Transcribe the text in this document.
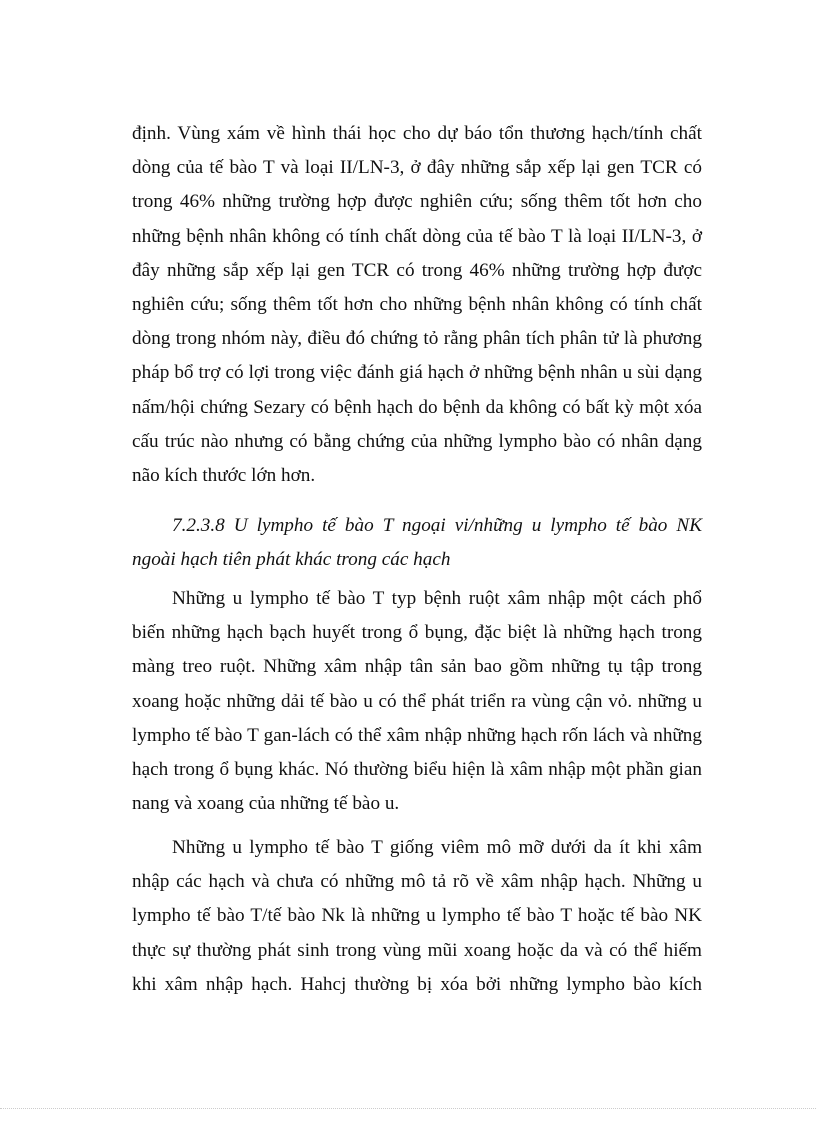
định. Vùng xám về hình thái học cho dự báo tổn thương hạch/tính chất
dòng của tế bào T và loại II/LN-3, ở đây những sắp xếp lại gen TCR có
trong 46% những trường hợp được nghiên cứu; sống thêm tốt hơn cho
những bệnh nhân không có tính chất dòng của tế bào T là loại II/LN-3, ở
đây những sắp xếp lại gen TCR có trong 46% những trường hợp được
nghiên cứu; sống thêm tốt hơn cho những bệnh nhân không có tính chất
dòng trong nhóm này, điều đó chứng tỏ rằng phân tích phân tử là phương
pháp bổ trợ có lợi trong việc đánh giá hạch ở những bệnh nhân u sùi dạng
nấm/hội chứng Sezary có bệnh hạch do bệnh da không có bất kỳ một xóa
cấu trúc nào nhưng có bằng chứng của những lympho bào có nhân dạng
não kích thước lớn hơn.
7.2.3.8 U lympho tế bào T ngoại vi/những u lympho tế bào NK
ngoài hạch tiên phát khác trong các hạch
Những u lympho tế bào T typ bệnh ruột xâm nhập một cách phổ
biến những hạch bạch huyết trong ổ bụng, đặc biệt là những hạch trong
màng treo ruột. Những xâm nhập tân sản bao gồm những tụ tập trong
xoang hoặc những dải tế bào u có thể phát triển ra vùng cận vỏ. những u
lympho tế bào T gan-lách có thể xâm nhập những hạch rốn lách và những
hạch trong ổ bụng khác. Nó thường biểu hiện là xâm nhập một phần gian
nang và xoang của những tế bào u.
Những u lympho tế bào T giống viêm mô mỡ dưới da ít khi xâm
nhập các hạch và chưa có những mô tả rõ về xâm nhập hạch. Những u
lympho tế bào T/tế bào Nk là những u lympho tế bào T hoặc tế bào NK
thực sự thường phát sinh trong vùng mũi xoang hoặc da và có thể hiếm
khi xâm nhập hạch. Hahcj thường bị xóa bởi những lympho bào kích
